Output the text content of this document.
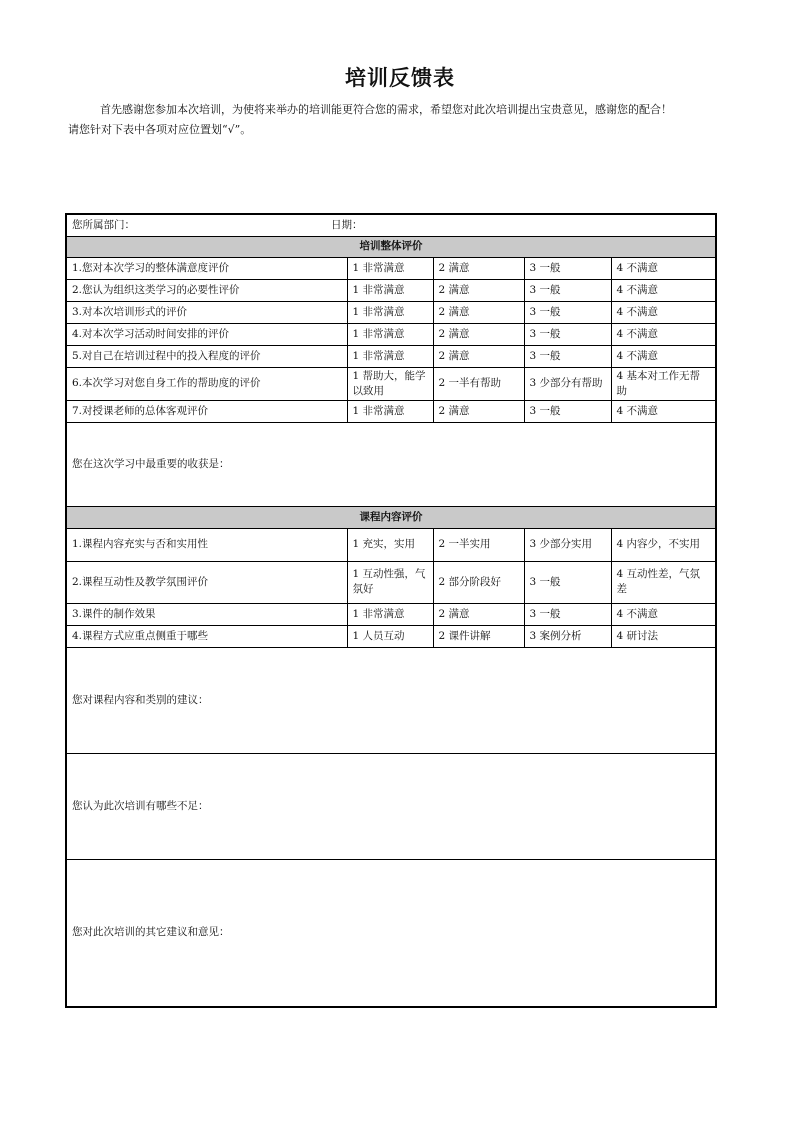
培训反馈表
首先感谢您参加本次培训，为使将来举办的培训能更符合您的需求，希望您对此次培训提出宝贵意见，感谢您的配合！
请您针对下表中各项对应位置划“√”。
您所属部门： 日期：				
培训整体评价				
1.您对本次学习的整体满意度评价	1 非常满意	2 满意	3 一般	4 不满意
2.您认为组织这类学习的必要性评价	1 非常满意	2 满意	3 一般	4 不满意
3.对本次培训形式的评价	1 非常满意	2 满意	3 一般	4 不满意
4.对本次学习活动时间安排的评价	1 非常满意	2 满意	3 一般	4 不满意
5.对自己在培训过程中的投入程度的评价	1 非常满意	2 满意	3 一般	4 不满意
6.本次学习对您自身工作的帮助度的评价	1 帮助大，能学以致用	2 一半有帮助	3 少部分有帮助	4 基本对工作无帮助
7.对授课老师的总体客观评价	1 非常满意	2 满意	3 一般	4 不满意
您在这次学习中最重要的收获是：				
课程内容评价				
1.课程内容充实与否和实用性	1 充实，实用	2 一半实用	3 少部分实用	4 内容少，不实用
2.课程互动性及教学氛围评价	1 互动性强，气氛好	2 部分阶段好	3 一般	4 互动性差，气氛差
3.课件的制作效果	1 非常满意	2 满意	3 一般	4 不满意
4.课程方式应重点侧重于哪些	1 人员互动	2 课件讲解	3 案例分析	4 研讨法
您对课程内容和类别的建议：				
您认为此次培训有哪些不足：				
您对此次培训的其它建议和意见：				
